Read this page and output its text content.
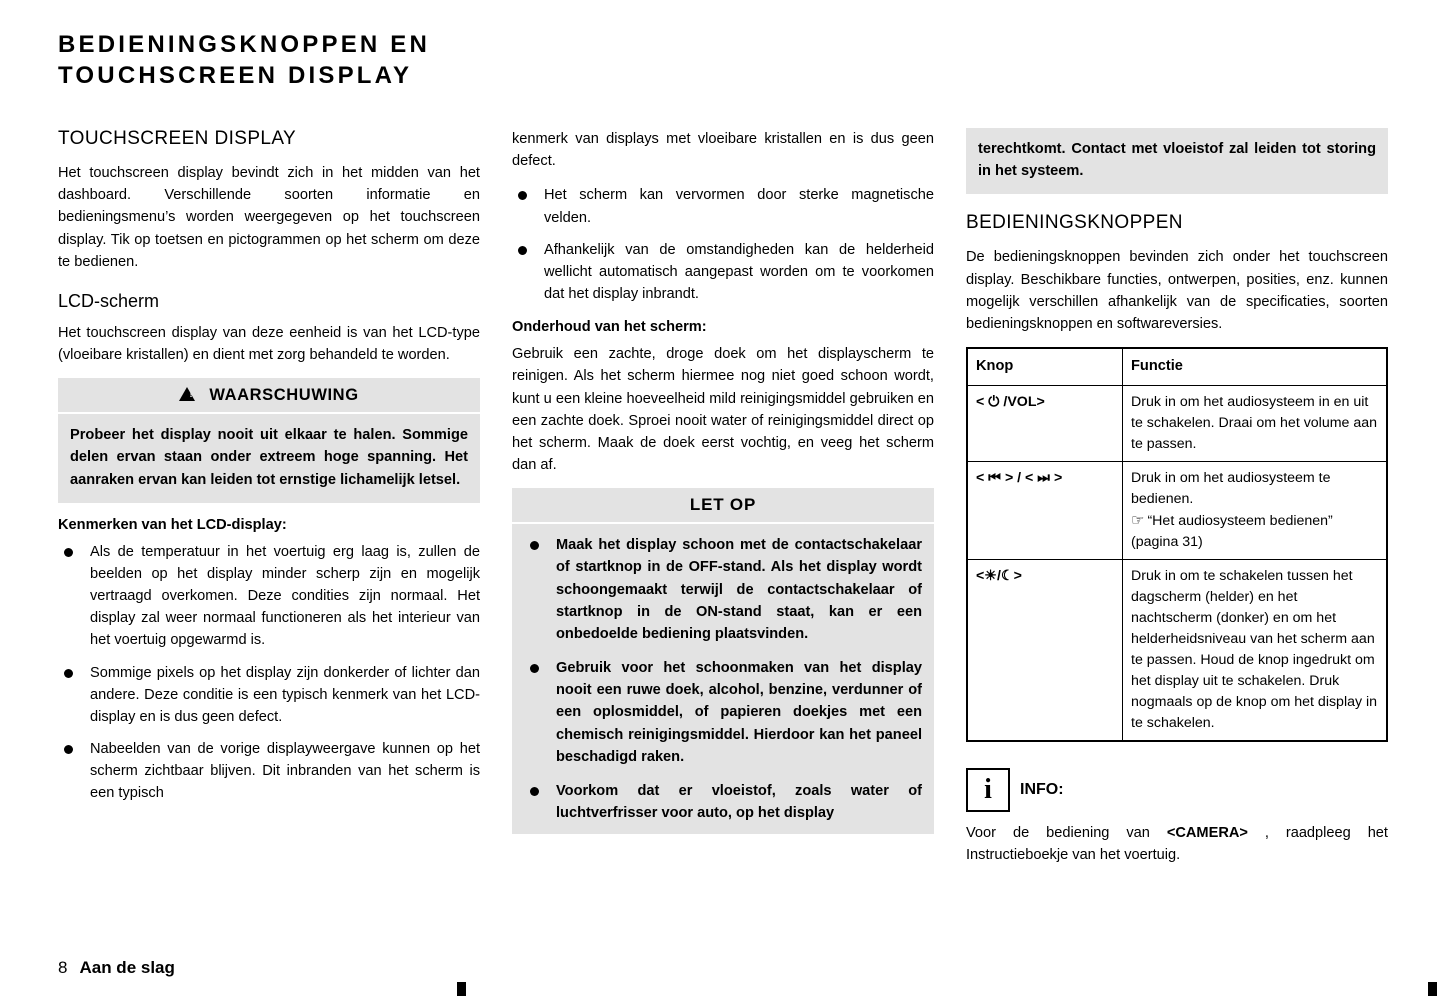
BEDIENINGSKNOPPEN EN TOUCHSCREEN DISPLAY
TOUCHSCREEN DISPLAY

Het touchscreen display bevindt zich in het midden van het dashboard. Verschillende soorten informatie en bedieningsmenu’s worden weergegeven op het touchscreen display. Tik op toetsen en pictogrammen op het scherm om deze te bedienen.

LCD-scherm

Het touchscreen display van deze eenheid is van het LCD-type (vloeibare kristallen) en dient met zorg behandeld te worden.

! WAARSCHUWING
Probeer het display nooit uit elkaar te halen. Sommige delen ervan staan onder extreem hoge spanning. Het aanraken ervan kan leiden tot ernstige lichamelijk letsel.
Kenmerken van het LCD-display:
Als de temperatuur in het voertuig erg laag is, zullen de beelden op het display minder scherp zijn en mogelijk vertraagd overkomen. Deze condities zijn normaal. Het display zal weer normaal functioneren als het interieur van het voertuig opgewarmd is.
Sommige pixels op het display zijn donkerder of lichter dan andere. Deze conditie is een typisch kenmerk van het LCD-display en is dus geen defect.
Nabeelden van de vorige displayweergave kunnen op het scherm zichtbaar blijven. Dit inbranden van het scherm is een typisch

kenmerk van displays met vloeibare kristallen en is dus geen defect.

Het scherm kan vervormen door sterke magnetische velden.
Afhankelijk van de omstandigheden kan de helderheid wellicht automatisch aangepast worden om te voorkomen dat het display inbrandt.
Onderhoud van het scherm:

Gebruik een zachte, droge doek om het displayscherm te reinigen. Als het scherm hiermee nog niet goed schoon wordt, kunt u een kleine hoeveelheid mild reinigingsmiddel gebruiken en een zachte doek. Sproei nooit water of reinigingsmiddel direct op het scherm. Maak de doek eerst vochtig, en veeg het scherm dan af.

LET OP
Maak het display schoon met de contactschakelaar of startknop in de OFF-stand. Als het display wordt schoongemaakt terwijl de contactschakelaar of startknop in de ON-stand staat, kan er een onbedoelde bediening plaatsvinden.
Gebruik voor het schoonmaken van het display nooit een ruwe doek, alcohol, benzine, verdunner of een oplosmiddel, of papieren doekjes met een chemisch reinigingsmiddel. Hierdoor kan het paneel beschadigd raken.
Voorkom dat er vloeistof, zoals water of luchtverfrisser voor auto, op het display
terechtkomt. Contact met vloeistof zal leiden tot storing in het systeem.
BEDIENINGSKNOPPEN

De bedieningsknoppen bevinden zich onder het touchscreen display. Beschikbare functies, ontwerpen, posities, enz. kunnen mogelijk verschillen afhankelijk van de specificaties, soorten bedieningsknoppen en softwareversies.

Knop	Functie
< ⏻ /VOL>	Druk in om het audiosysteem in en uit te schakelen. Draai om het volume aan te passen.
< ⏮ > / < ⏭ >	Druk in om het audiosysteem te bedienen.
☞ “Het audiosysteem bedienen” (pagina 31)
<☀/☾>	Druk in om te schakelen tussen het dagscherm (helder) en het nachtscherm (donker) en om het helderheidsniveau van het scherm aan te passen. Houd de knop ingedrukt om het display uit te schakelen. Druk nogmaals op de knop om het display in te schakelen.
i	INFO:
Voor de bediening van <CAMERA> , raadpleeg het Instructieboekje van het voertuig.
8 Aan de slag
